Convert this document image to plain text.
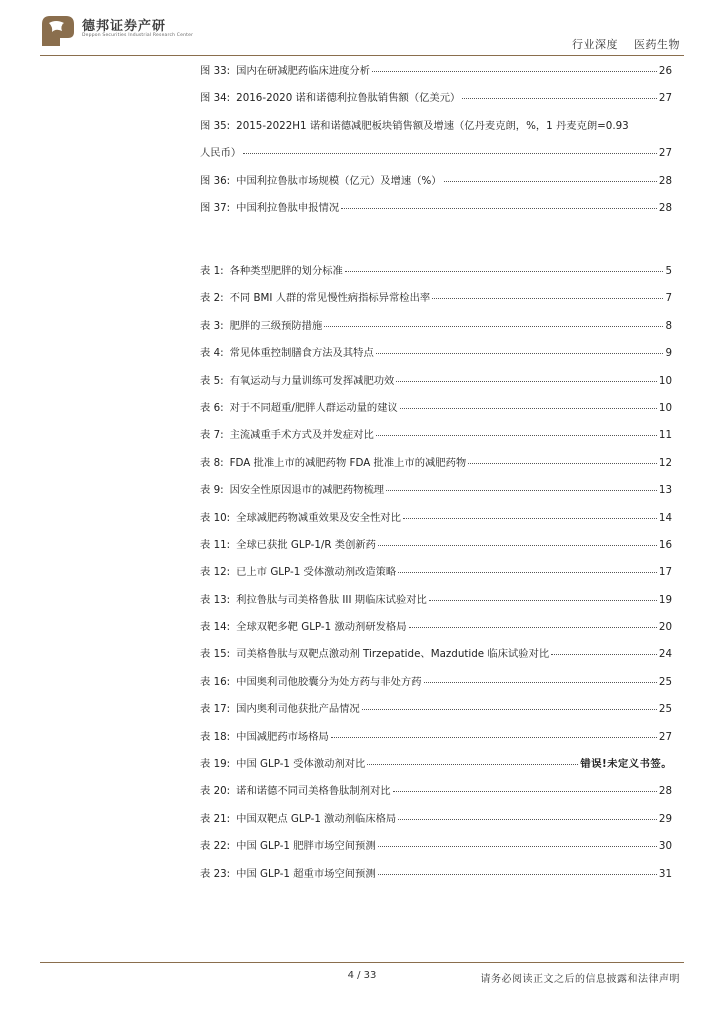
德邦证券产研
Deppon Securities Industrial Research Center
行业深度 医药生物
图 33: 国内在研减肥药临床进度分析	26
图 34: 2016-2020 诺和诺德利拉鲁肽销售额（亿美元）	27
图 35: 2015-2022H1 诺和诺德减肥板块销售额及增速（亿丹麦克朗，%，1 丹麦克朗=0.93
人民币）	27
图 36: 中国利拉鲁肽市场规模（亿元）及增速（%）	28
图 37: 中国利拉鲁肽申报情况	28
表 1: 各种类型肥胖的划分标准	5
表 2: 不同 BMI 人群的常见慢性病指标异常检出率	7
表 3: 肥胖的三级预防措施	8
表 4: 常见体重控制膳食方法及其特点	9
表 5: 有氧运动与力量训练可发挥减肥功效	10
表 6: 对于不同超重/肥胖人群运动量的建议	10
表 7: 主流减重手术方式及并发症对比	11
表 8: FDA 批准上市的减肥药物 FDA 批准上市的减肥药物	12
表 9: 因安全性原因退市的减肥药物梳理	13
表 10: 全球减肥药物减重效果及安全性对比	14
表 11: 全球已获批 GLP-1/R 类创新药	16
表 12: 已上市 GLP-1 受体激动剂改造策略	17
表 13: 利拉鲁肽与司美格鲁肽 III 期临床试验对比	19
表 14: 全球双靶多靶 GLP-1 激动剂研发格局	20
表 15: 司美格鲁肽与双靶点激动剂 Tirzepatide、Mazdutide 临床试验对比	24
表 16: 中国奥利司他胶囊分为处方药与非处方药	25
表 17: 国内奥利司他获批产品情况	25
表 18: 中国减肥药市场格局	27
表 19: 中国 GLP-1 受体激动剂对比	错误!未定义书签。
表 20: 诺和诺德不同司美格鲁肽制剂对比	28
表 21: 中国双靶点 GLP-1 激动剂临床格局	29
表 22: 中国 GLP-1 肥胖市场空间预测	30
表 23: 中国 GLP-1 超重市场空间预测	31
4 / 33	请务必阅读正文之后的信息披露和法律声明
